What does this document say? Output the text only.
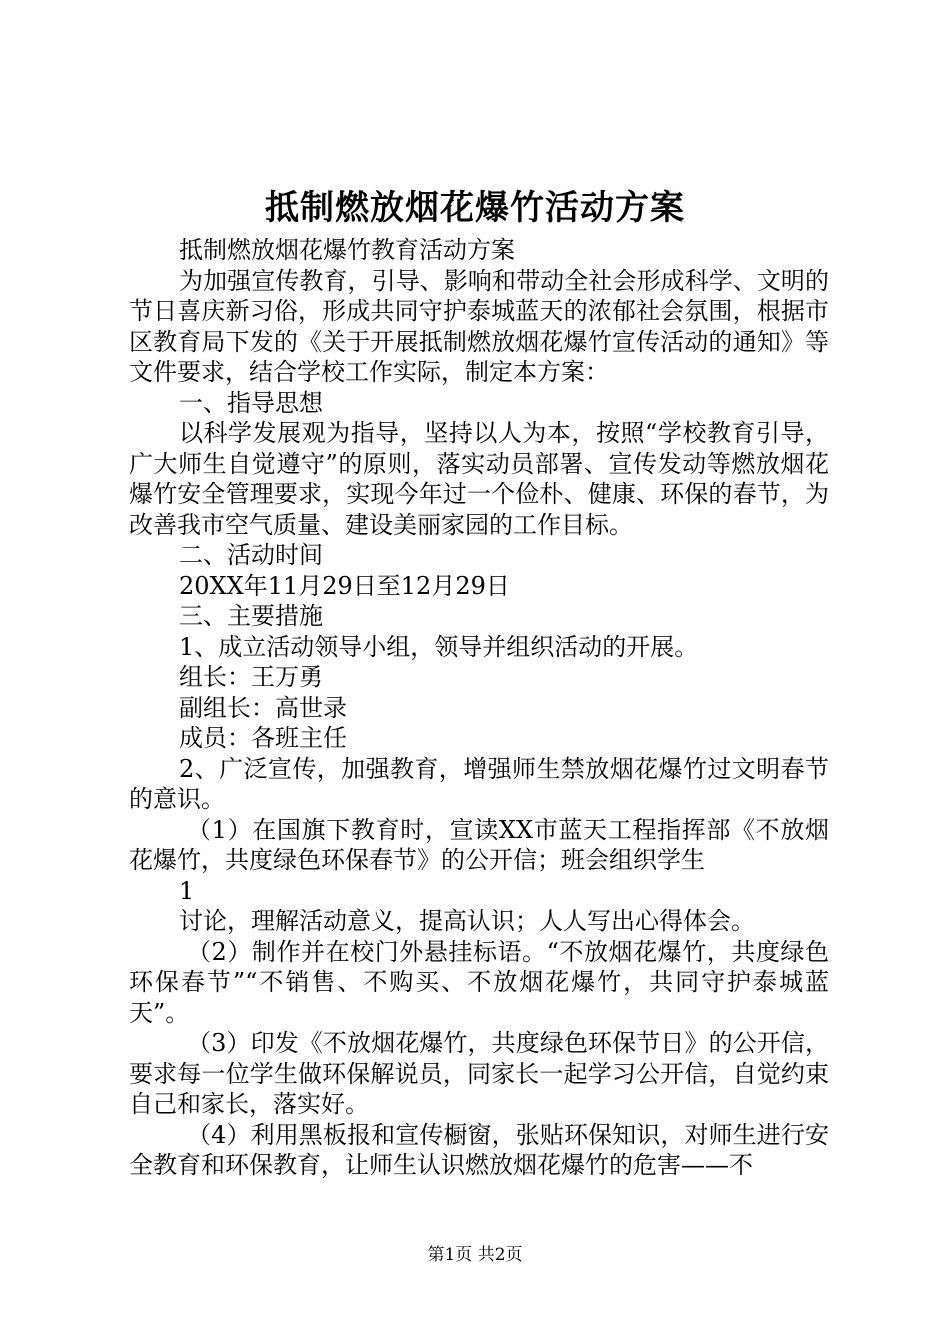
抵制燃放烟花爆竹活动方案

抵制燃放烟花爆竹教育活动方案

为加强宣传教育，引导、影响和带动全社会形成科学、文明的节日喜庆新习俗，形成共同守护泰城蓝天的浓郁社会氛围，根据市区教育局下发的《关于开展抵制燃放烟花爆竹宣传活动的通知》等文件要求，结合学校工作实际，制定本方案：

一、指导思想

以科学发展观为指导，坚持以人为本，按照“学校教育引导，广大师生自觉遵守”的原则，落实动员部署、宣传发动等燃放烟花爆竹安全管理要求，实现今年过一个俭朴、健康、环保的春节，为改善我市空气质量、建设美丽家园的工作目标。

二、活动时间

20XX年11月29日至12月29日

三、主要措施

1、成立活动领导小组，领导并组织活动的开展。

组长：王万勇

副组长：高世录

成员：各班主任

2、广泛宣传，加强教育，增强师生禁放烟花爆竹过文明春节的意识。

（1）在国旗下教育时，宣读XX市蓝天工程指挥部《不放烟花爆竹，共度绿色环保春节》的公开信；班会组织学生

1

讨论，理解活动意义，提高认识；人人写出心得体会。

（2）制作并在校门外悬挂标语。“不放烟花爆竹，共度绿色环保春节”“不销售、不购买、不放烟花爆竹，共同守护泰城蓝天”。

（3）印发《不放烟花爆竹，共度绿色环保节日》的公开信，要求每一位学生做环保解说员，同家长一起学习公开信，自觉约束自己和家长，落实好。

（4）利用黑板报和宣传橱窗，张贴环保知识，对师生进行安全教育和环保教育，让师生认识燃放烟花爆竹的危害——不

第1页 共2页
